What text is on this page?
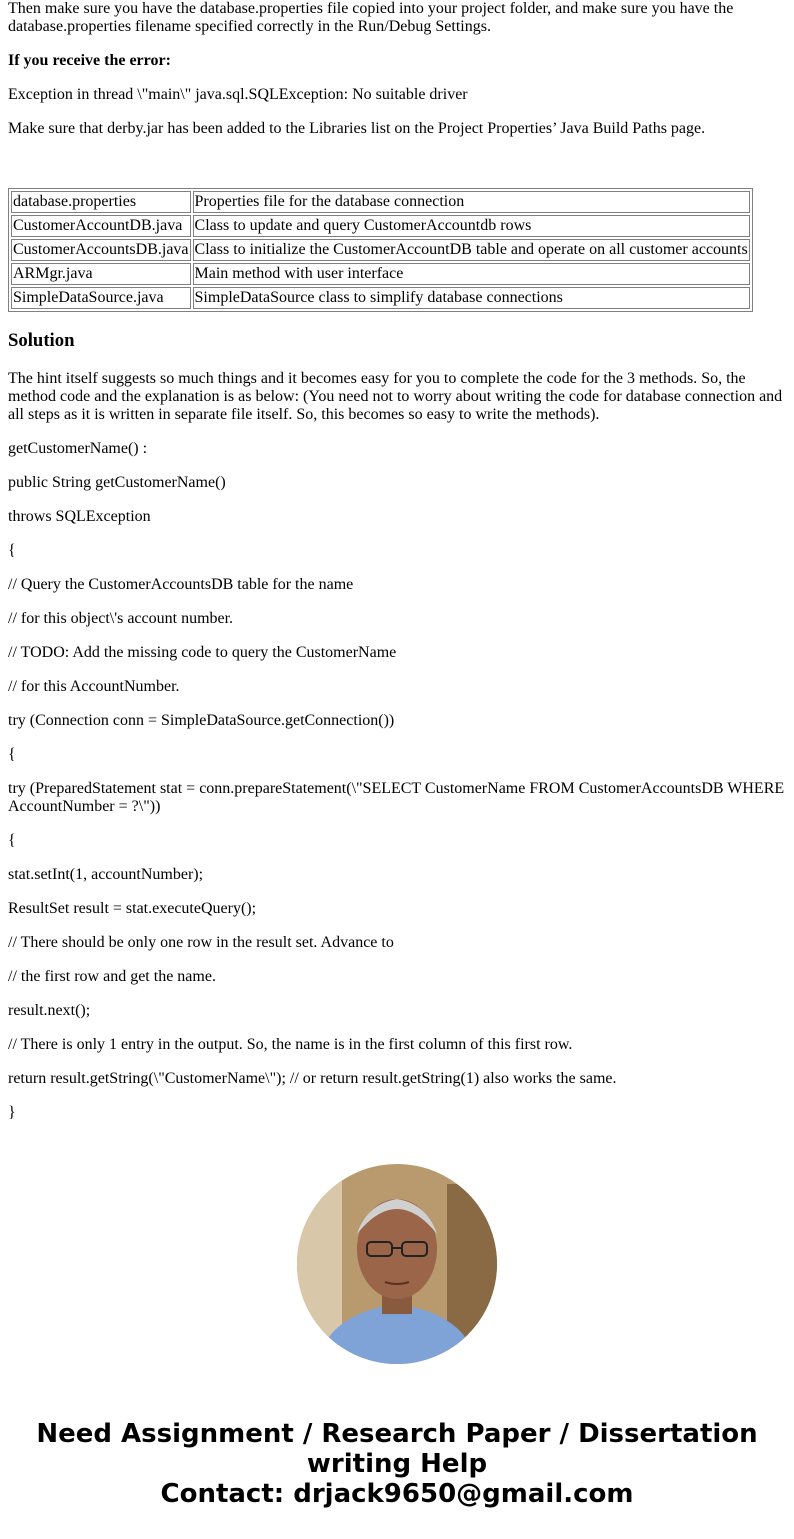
Then make sure you have the database.properties file copied into your project folder, and make sure you have the database.properties filename specified correctly in the Run/Debug Settings.

If you receive the error:

Exception in thread \"main\" java.sql.SQLException: No suitable driver

Make sure that derby.jar has been added to the Libraries list on the Project Properties’ Java Build Paths page.

database.properties	Properties file for the database connection
CustomerAccountDB.java	Class to update and query CustomerAccountdb rows
CustomerAccountsDB.java	Class to initialize the CustomerAccountDB table and operate on all customer accounts
ARMgr.java	Main method with user interface
SimpleDataSource.java	SimpleDataSource class to simplify database connections
Solution

The hint itself suggests so much things and it becomes easy for you to complete the code for the 3 methods. So, the method code and the explanation is as below: (You need not to worry about writing the code for database connection and all steps as it is written in separate file itself. So, this becomes so easy to write the methods).

getCustomerName() :

public String getCustomerName()

throws SQLException

{

// Query the CustomerAccountsDB table for the name

// for this object\'s account number.

// TODO: Add the missing code to query the CustomerName

// for this AccountNumber.

try (Connection conn = SimpleDataSource.getConnection())

{

try (PreparedStatement stat = conn.prepareStatement(\"SELECT CustomerName FROM CustomerAccountsDB WHERE AccountNumber = ?\"))

{

stat.setInt(1, accountNumber);

ResultSet result = stat.executeQuery();

// There should be only one row in the result set. Advance to

// the first row and get the name.

result.next();

// There is only 1 entry in the output. So, the name is in the first column of this first row.

return result.getString(\"CustomerName\"); // or return result.getString(1) also works the same.

}

Need Assignment / Research Paper / Dissertation writing Help
Contact: drjack9650@gmail.com
